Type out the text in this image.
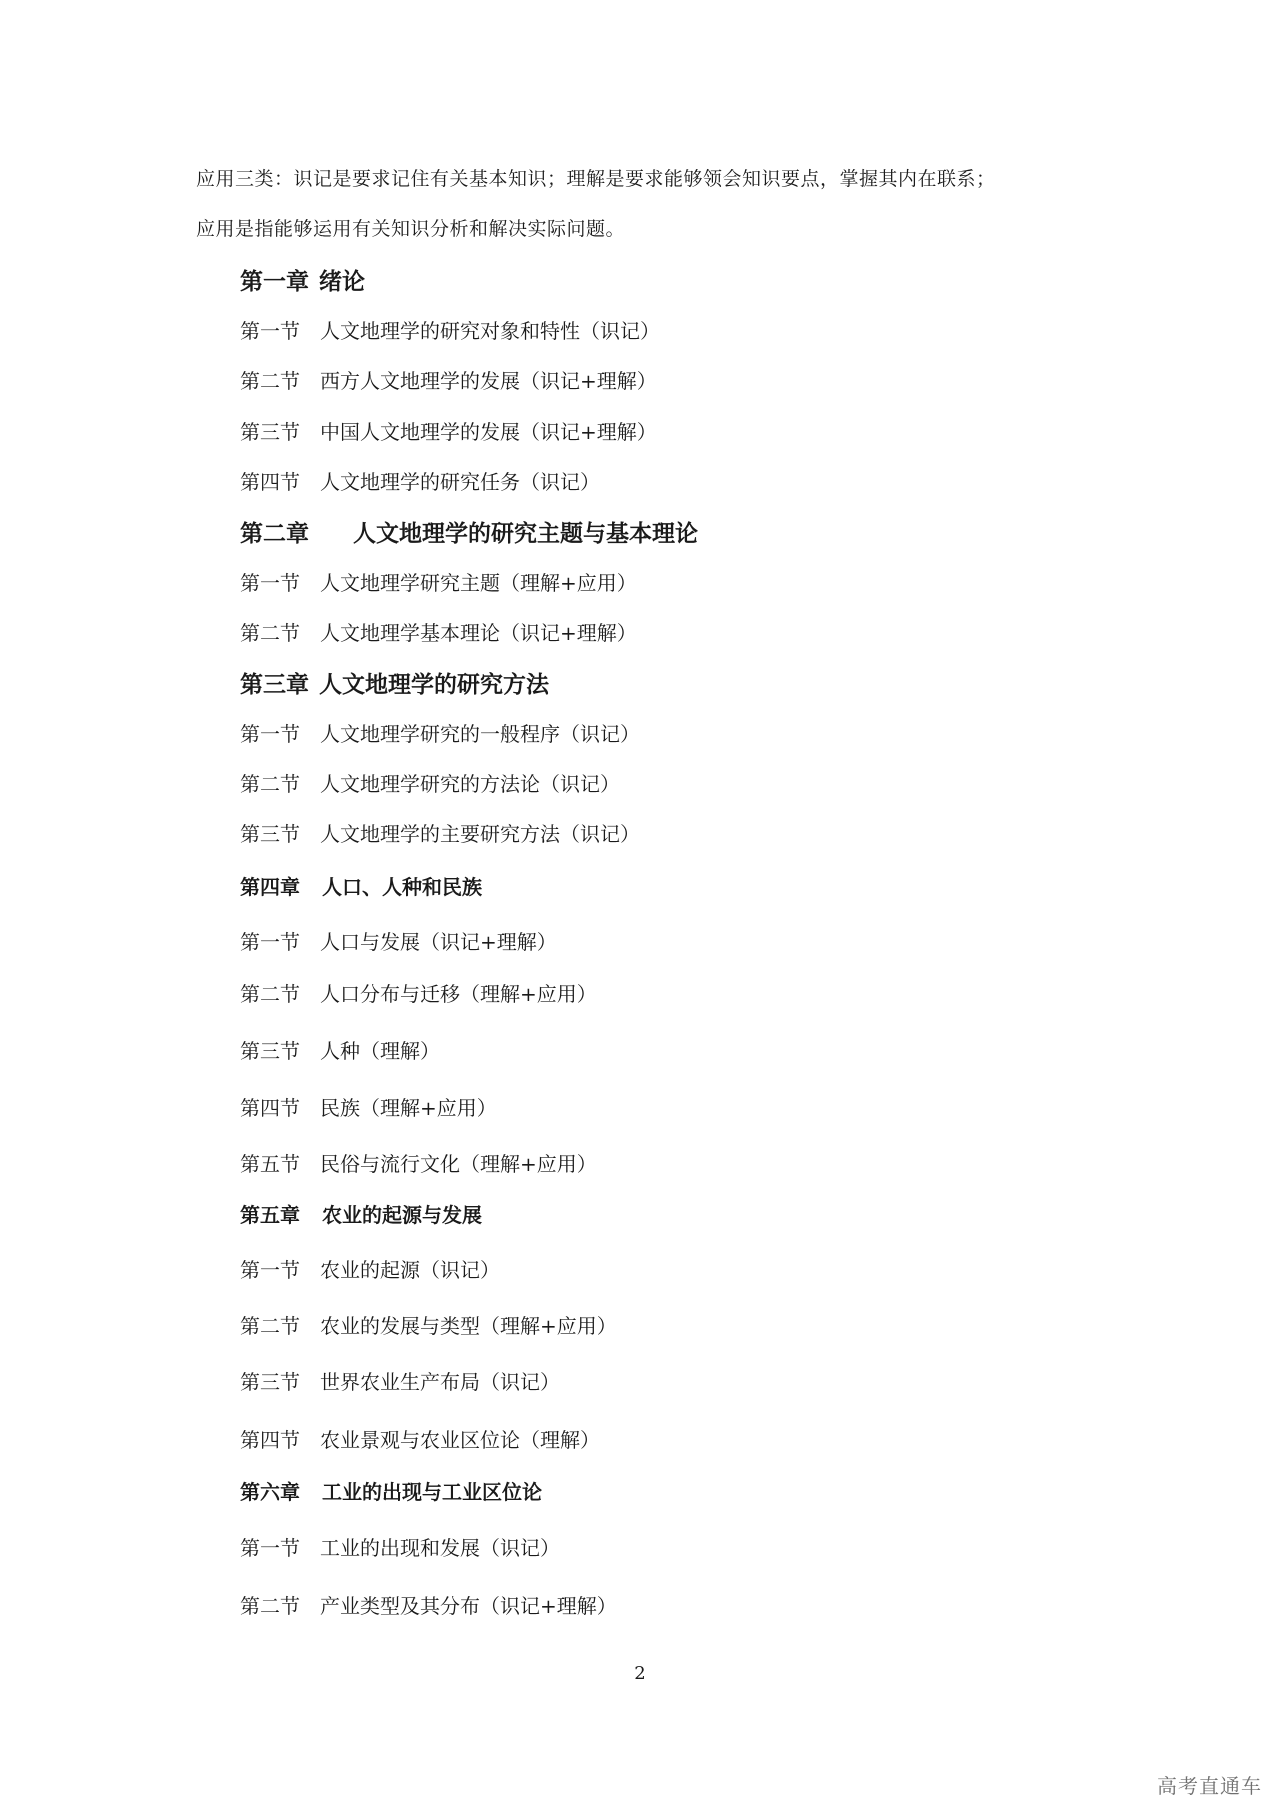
应用三类：识记是要求记住有关基本知识；理解是要求能够领会知识要点，掌握其内在联系；
应用是指能够运用有关知识分析和解决实际问题。
第一章 绪论
第一节 人文地理学的研究对象和特性（识记）
第二节 西方人文地理学的发展（识记+理解）
第三节 中国人文地理学的发展（识记+理解）
第四节 人文地理学的研究任务（识记）
第二章 人文地理学的研究主题与基本理论
第一节 人文地理学研究主题（理解+应用）
第二节 人文地理学基本理论（识记+理解）
第三章 人文地理学的研究方法
第一节 人文地理学研究的一般程序（识记）
第二节 人文地理学研究的方法论（识记）
第三节 人文地理学的主要研究方法（识记）
第四章 人口、人种和民族
第一节 人口与发展（识记+理解）
第二节 人口分布与迁移（理解+应用）
第三节 人种（理解）
第四节 民族（理解+应用）
第五节 民俗与流行文化（理解+应用）
第五章 农业的起源与发展
第一节 农业的起源（识记）
第二节 农业的发展与类型（理解+应用）
第三节 世界农业生产布局（识记）
第四节 农业景观与农业区位论（理解）
第六章 工业的出现与工业区位论
第一节 工业的出现和发展（识记）
第二节 产业类型及其分布（识记+理解）
2
高考直通车
